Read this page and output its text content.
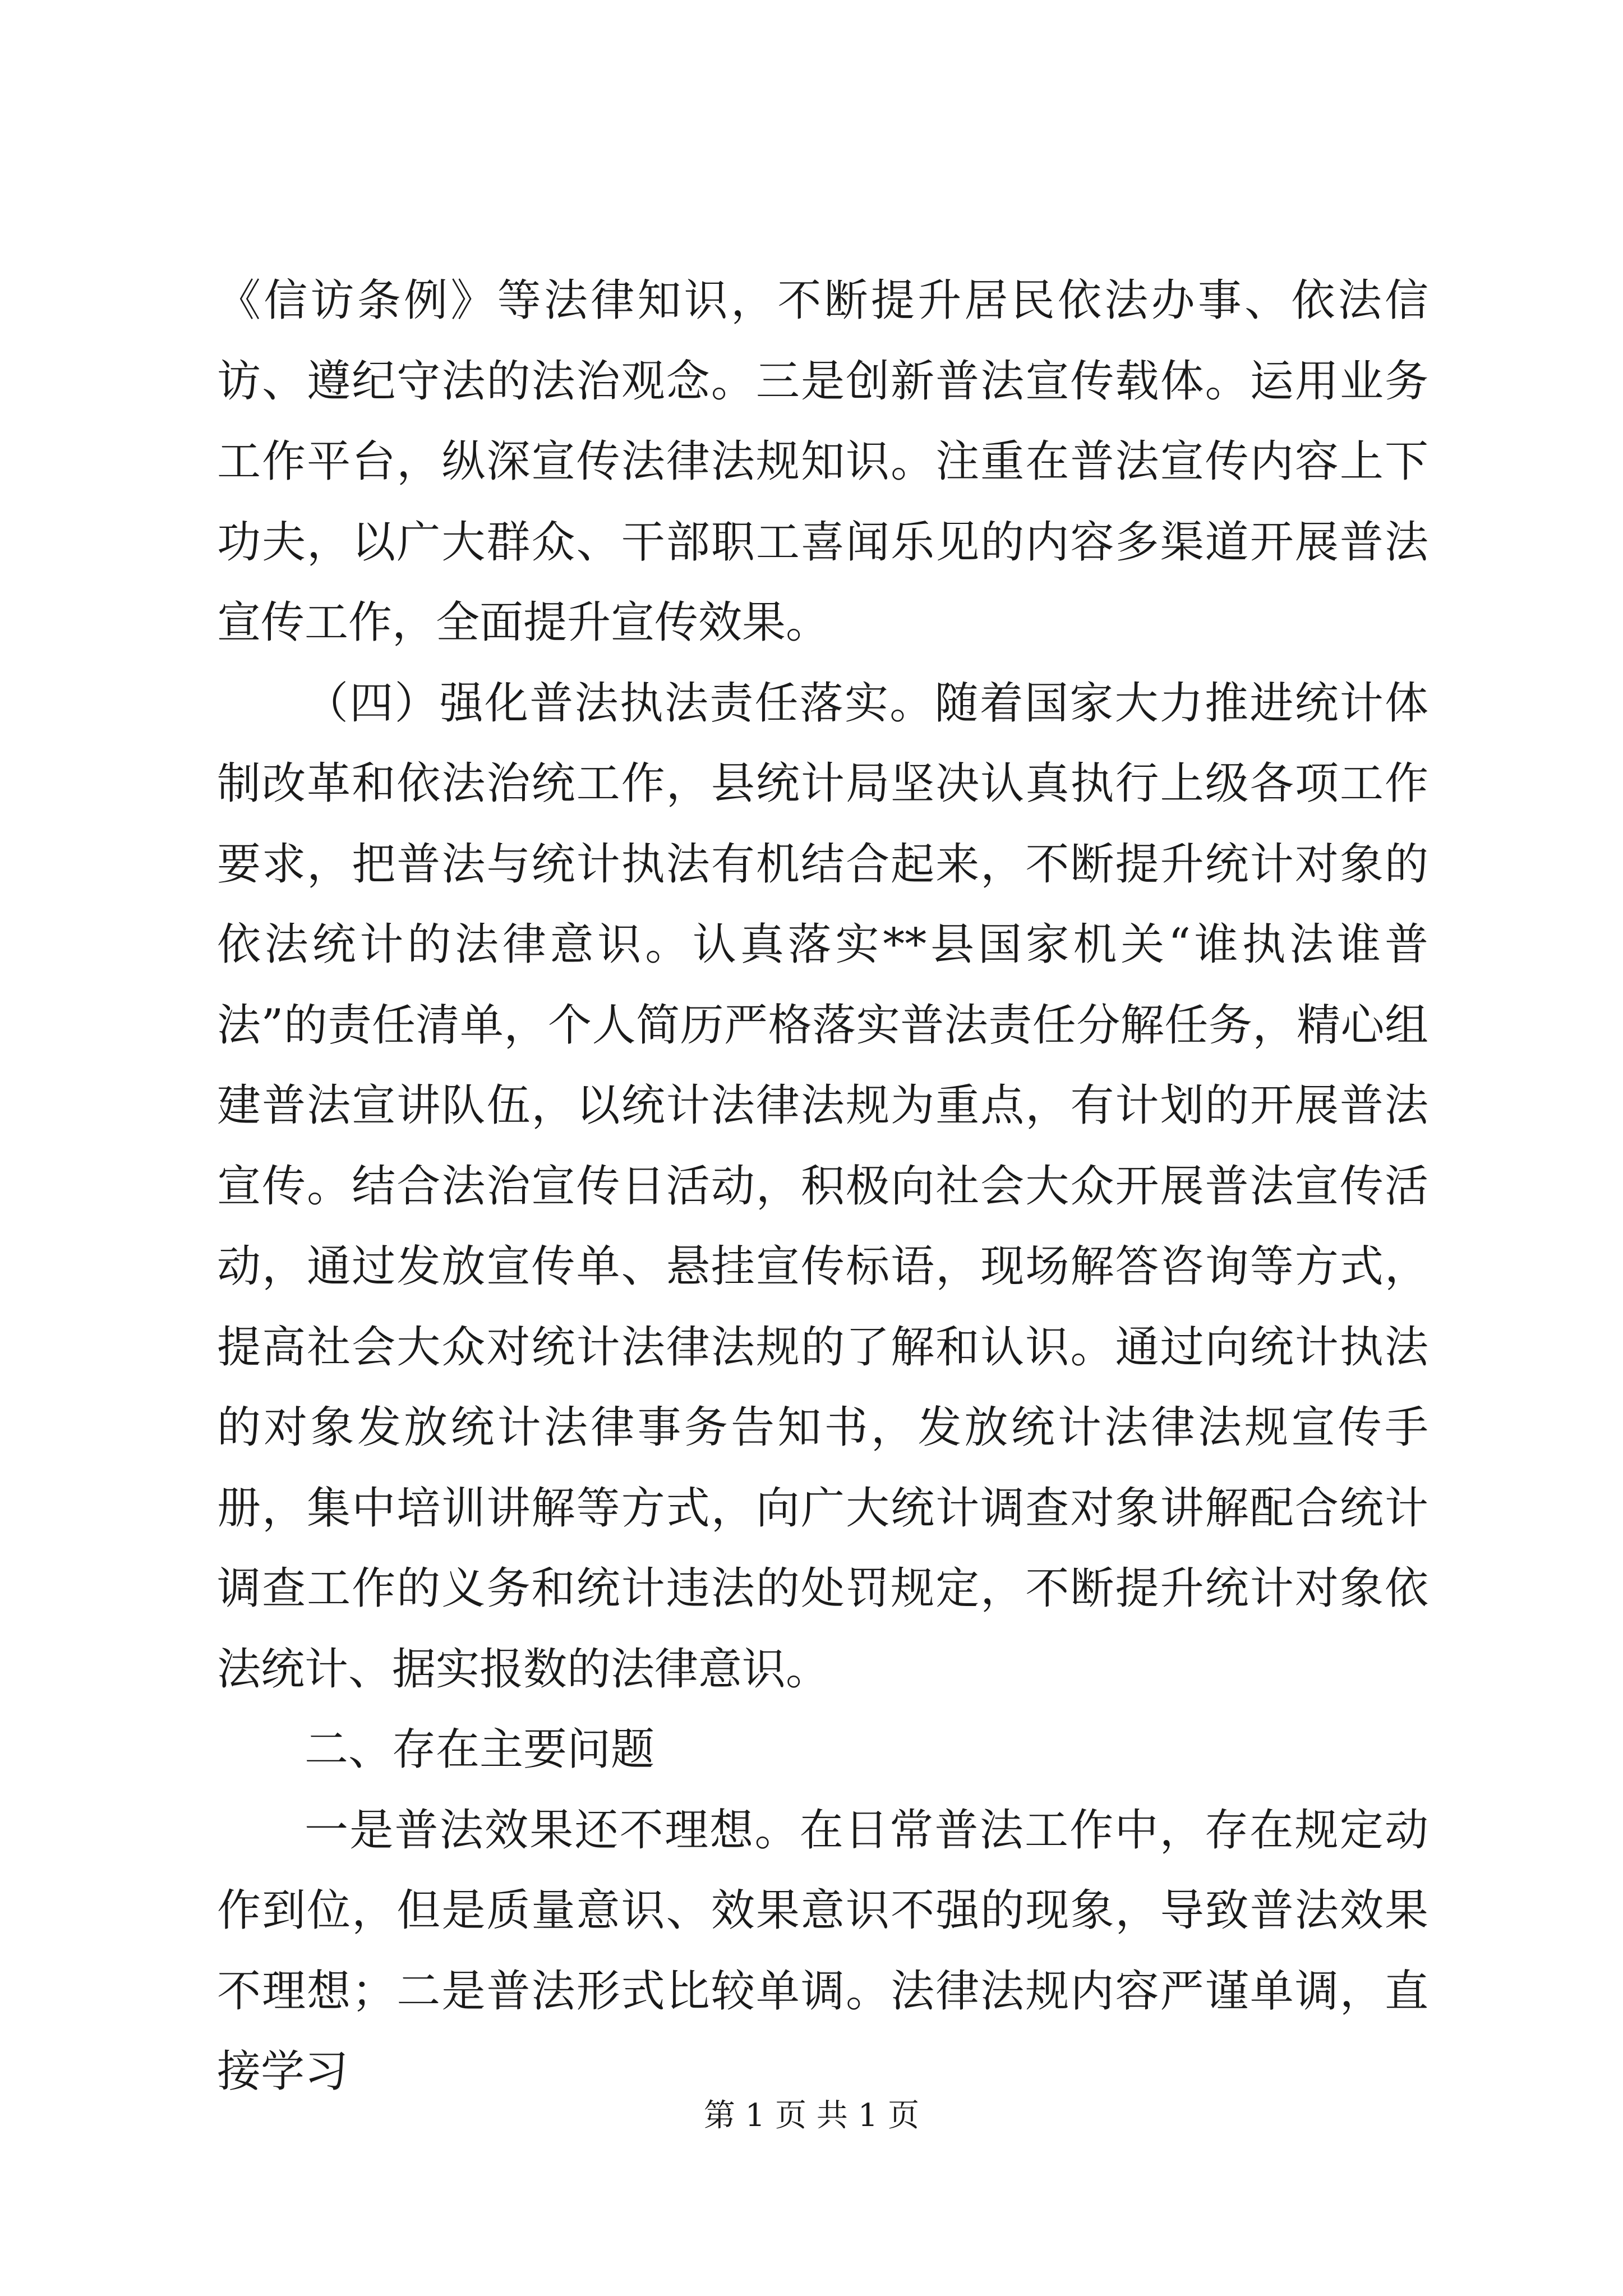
《信访条例》等法律知识，不断提升居民依法办事、依法信访、遵纪守法的法治观念。三是创新普法宣传载体。运用业务工作平台，纵深宣传法律法规知识。注重在普法宣传内容上下功夫，以广大群众、干部职工喜闻乐见的内容多渠道开展普法宣传工作，全面提升宣传效果。

（四）强化普法执法责任落实。随着国家大力推进统计体制改革和依法治统工作，县统计局坚决认真执行上级各项工作要求，把普法与统计执法有机结合起来，不断提升统计对象的依法统计的法律意识。认真落实**县国家机关“谁执法谁普法”的责任清单，个人简历严格落实普法责任分解任务，精心组建普法宣讲队伍，以统计法律法规为重点，有计划的开展普法宣传。结合法治宣传日活动，积极向社会大众开展普法宣传活动，通过发放宣传单、悬挂宣传标语，现场解答咨询等方式，提高社会大众对统计法律法规的了解和认识。通过向统计执法的对象发放统计法律事务告知书，发放统计法律法规宣传手册，集中培训讲解等方式，向广大统计调查对象讲解配合统计调查工作的义务和统计违法的处罚规定，不断提升统计对象依法统计、据实报数的法律意识。

二、存在主要问题

一是普法效果还不理想。在日常普法工作中，存在规定动作到位，但是质量意识、效果意识不强的现象，导致普法效果不理想；二是普法形式比较单调。法律法规内容严谨单调，直接学习

第 1 页 共 1 页
